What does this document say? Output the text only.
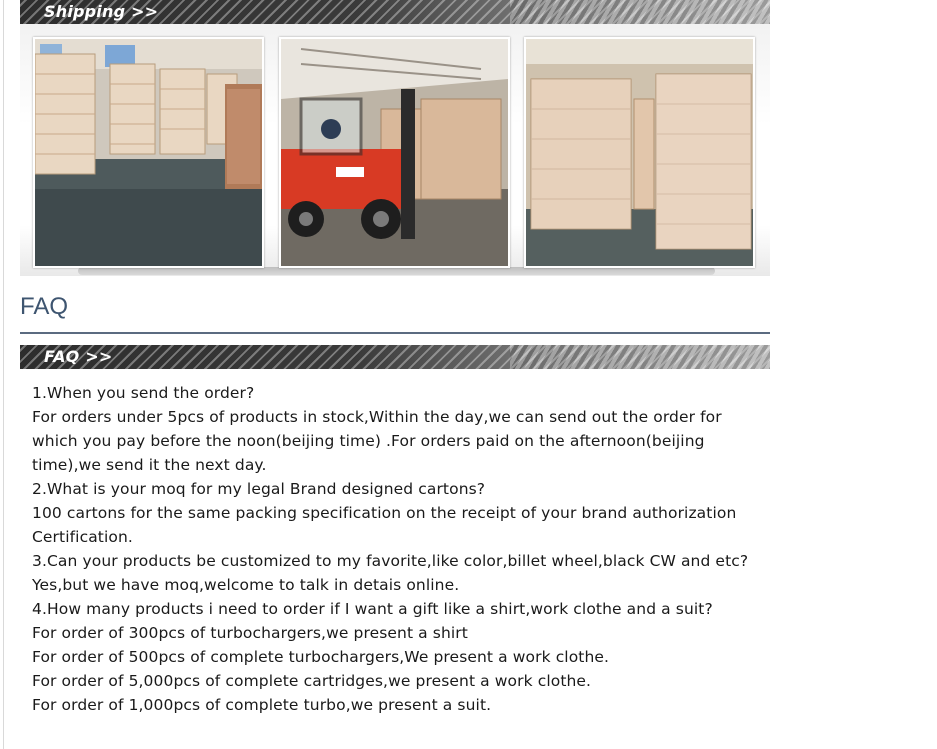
Shipping >>
FAQ
FAQ >>

1.When you send the order?

For orders under 5pcs of products in stock,Within the day,we can send out the order for which you pay before the noon(beijing time) .For orders paid on the afternoon(beijing time),we send it the next day.

2.What is your moq for my legal Brand designed cartons?

100 cartons for the same packing specification on the receipt of your brand authorization Certification.

3.Can your products be customized to my favorite,like color,billet wheel,black CW and etc?

Yes,but we have moq,welcome to talk in detais online.

4.How many products i need to order if I want a gift like a shirt,work clothe and a suit?

For order of 300pcs of turbochargers,we present a shirt

For order of 500pcs of complete turbochargers,We present a work clothe.

For order of 5,000pcs of complete cartridges,we present a work clothe.

For order of 1,000pcs of complete turbo,we present a suit.
